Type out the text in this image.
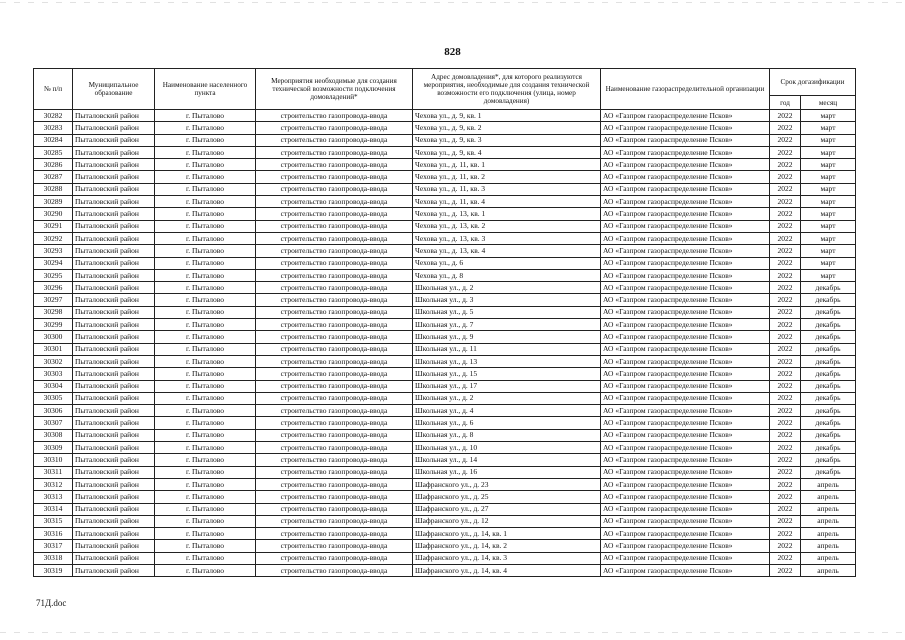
828
№ п/п	Муниципальное образование	Наименование населенного пункта	Мероприятия необходимые для создания технической возможности подключения домовладений*	Адрес домовладения*, для которого реализуются мероприятия, необходимые для создания технической возможности его подключения (улица, номер домовладения)	Наименование газораспределительной организации	Срок догазификации	
						год	месяц
30282	Пыталовский район	г. Пыталово	строительство газопровода-ввода	Чехова ул., д. 9, кв. 1	АО «Газпром газораспределение Псков»	2022	март
30283	Пыталовский район	г. Пыталово	строительство газопровода-ввода	Чехова ул., д. 9, кв. 2	АО «Газпром газораспределение Псков»	2022	март
30284	Пыталовский район	г. Пыталово	строительство газопровода-ввода	Чехова ул., д. 9, кв. 3	АО «Газпром газораспределение Псков»	2022	март
30285	Пыталовский район	г. Пыталово	строительство газопровода-ввода	Чехова ул., д. 9, кв. 4	АО «Газпром газораспределение Псков»	2022	март
30286	Пыталовский район	г. Пыталово	строительство газопровода-ввода	Чехова ул., д. 11, кв. 1	АО «Газпром газораспределение Псков»	2022	март
30287	Пыталовский район	г. Пыталово	строительство газопровода-ввода	Чехова ул., д. 11, кв. 2	АО «Газпром газораспределение Псков»	2022	март
30288	Пыталовский район	г. Пыталово	строительство газопровода-ввода	Чехова ул., д. 11, кв. 3	АО «Газпром газораспределение Псков»	2022	март
30289	Пыталовский район	г. Пыталово	строительство газопровода-ввода	Чехова ул., д. 11, кв. 4	АО «Газпром газораспределение Псков»	2022	март
30290	Пыталовский район	г. Пыталово	строительство газопровода-ввода	Чехова ул., д. 13, кв. 1	АО «Газпром газораспределение Псков»	2022	март
30291	Пыталовский район	г. Пыталово	строительство газопровода-ввода	Чехова ул., д. 13, кв. 2	АО «Газпром газораспределение Псков»	2022	март
30292	Пыталовский район	г. Пыталово	строительство газопровода-ввода	Чехова ул., д. 13, кв. 3	АО «Газпром газораспределение Псков»	2022	март
30293	Пыталовский район	г. Пыталово	строительство газопровода-ввода	Чехова ул., д. 13, кв. 4	АО «Газпром газораспределение Псков»	2022	март
30294	Пыталовский район	г. Пыталово	строительство газопровода-ввода	Чехова ул., д. 6	АО «Газпром газораспределение Псков»	2022	март
30295	Пыталовский район	г. Пыталово	строительство газопровода-ввода	Чехова ул., д. 8	АО «Газпром газораспределение Псков»	2022	март
30296	Пыталовский район	г. Пыталово	строительство газопровода-ввода	Школьная ул., д. 2	АО «Газпром газораспределение Псков»	2022	декабрь
30297	Пыталовский район	г. Пыталово	строительство газопровода-ввода	Школьная ул., д. 3	АО «Газпром газораспределение Псков»	2022	декабрь
30298	Пыталовский район	г. Пыталово	строительство газопровода-ввода	Школьная ул., д. 5	АО «Газпром газораспределение Псков»	2022	декабрь
30299	Пыталовский район	г. Пыталово	строительство газопровода-ввода	Школьная ул., д. 7	АО «Газпром газораспределение Псков»	2022	декабрь
30300	Пыталовский район	г. Пыталово	строительство газопровода-ввода	Школьная ул., д. 9	АО «Газпром газораспределение Псков»	2022	декабрь
30301	Пыталовский район	г. Пыталово	строительство газопровода-ввода	Школьная ул., д. 11	АО «Газпром газораспределение Псков»	2022	декабрь
30302	Пыталовский район	г. Пыталово	строительство газопровода-ввода	Школьная ул., д. 13	АО «Газпром газораспределение Псков»	2022	декабрь
30303	Пыталовский район	г. Пыталово	строительство газопровода-ввода	Школьная ул., д. 15	АО «Газпром газораспределение Псков»	2022	декабрь
30304	Пыталовский район	г. Пыталово	строительство газопровода-ввода	Школьная ул., д. 17	АО «Газпром газораспределение Псков»	2022	декабрь
30305	Пыталовский район	г. Пыталово	строительство газопровода-ввода	Школьная ул., д. 2	АО «Газпром газораспределение Псков»	2022	декабрь
30306	Пыталовский район	г. Пыталово	строительство газопровода-ввода	Школьная ул., д. 4	АО «Газпром газораспределение Псков»	2022	декабрь
30307	Пыталовский район	г. Пыталово	строительство газопровода-ввода	Школьная ул., д. 6	АО «Газпром газораспределение Псков»	2022	декабрь
30308	Пыталовский район	г. Пыталово	строительство газопровода-ввода	Школьная ул., д. 8	АО «Газпром газораспределение Псков»	2022	декабрь
30309	Пыталовский район	г. Пыталово	строительство газопровода-ввода	Школьная ул., д. 10	АО «Газпром газораспределение Псков»	2022	декабрь
30310	Пыталовский район	г. Пыталово	строительство газопровода-ввода	Школьная ул., д. 14	АО «Газпром газораспределение Псков»	2022	декабрь
30311	Пыталовский район	г. Пыталово	строительство газопровода-ввода	Школьная ул., д. 16	АО «Газпром газораспределение Псков»	2022	декабрь
30312	Пыталовский район	г. Пыталово	строительство газопровода-ввода	Шафранского ул., д. 23	АО «Газпром газораспределение Псков»	2022	апрель
30313	Пыталовский район	г. Пыталово	строительство газопровода-ввода	Шафранского ул., д. 25	АО «Газпром газораспределение Псков»	2022	апрель
30314	Пыталовский район	г. Пыталово	строительство газопровода-ввода	Шафранского ул., д. 27	АО «Газпром газораспределение Псков»	2022	апрель
30315	Пыталовский район	г. Пыталово	строительство газопровода-ввода	Шафранского ул., д. 12	АО «Газпром газораспределение Псков»	2022	апрель
30316	Пыталовский район	г. Пыталово	строительство газопровода-ввода	Шафранского ул., д. 14, кв. 1	АО «Газпром газораспределение Псков»	2022	апрель
30317	Пыталовский район	г. Пыталово	строительство газопровода-ввода	Шафранского ул., д. 14, кв. 2	АО «Газпром газораспределение Псков»	2022	апрель
30318	Пыталовский район	г. Пыталово	строительство газопровода-ввода	Шафранского ул., д. 14, кв. 3	АО «Газпром газораспределение Псков»	2022	апрель
30319	Пыталовский район	г. Пыталово	строительство газопровода-ввода	Шафранского ул., д. 14, кв. 4	АО «Газпром газораспределение Псков»	2022	апрель
71Д.doc
